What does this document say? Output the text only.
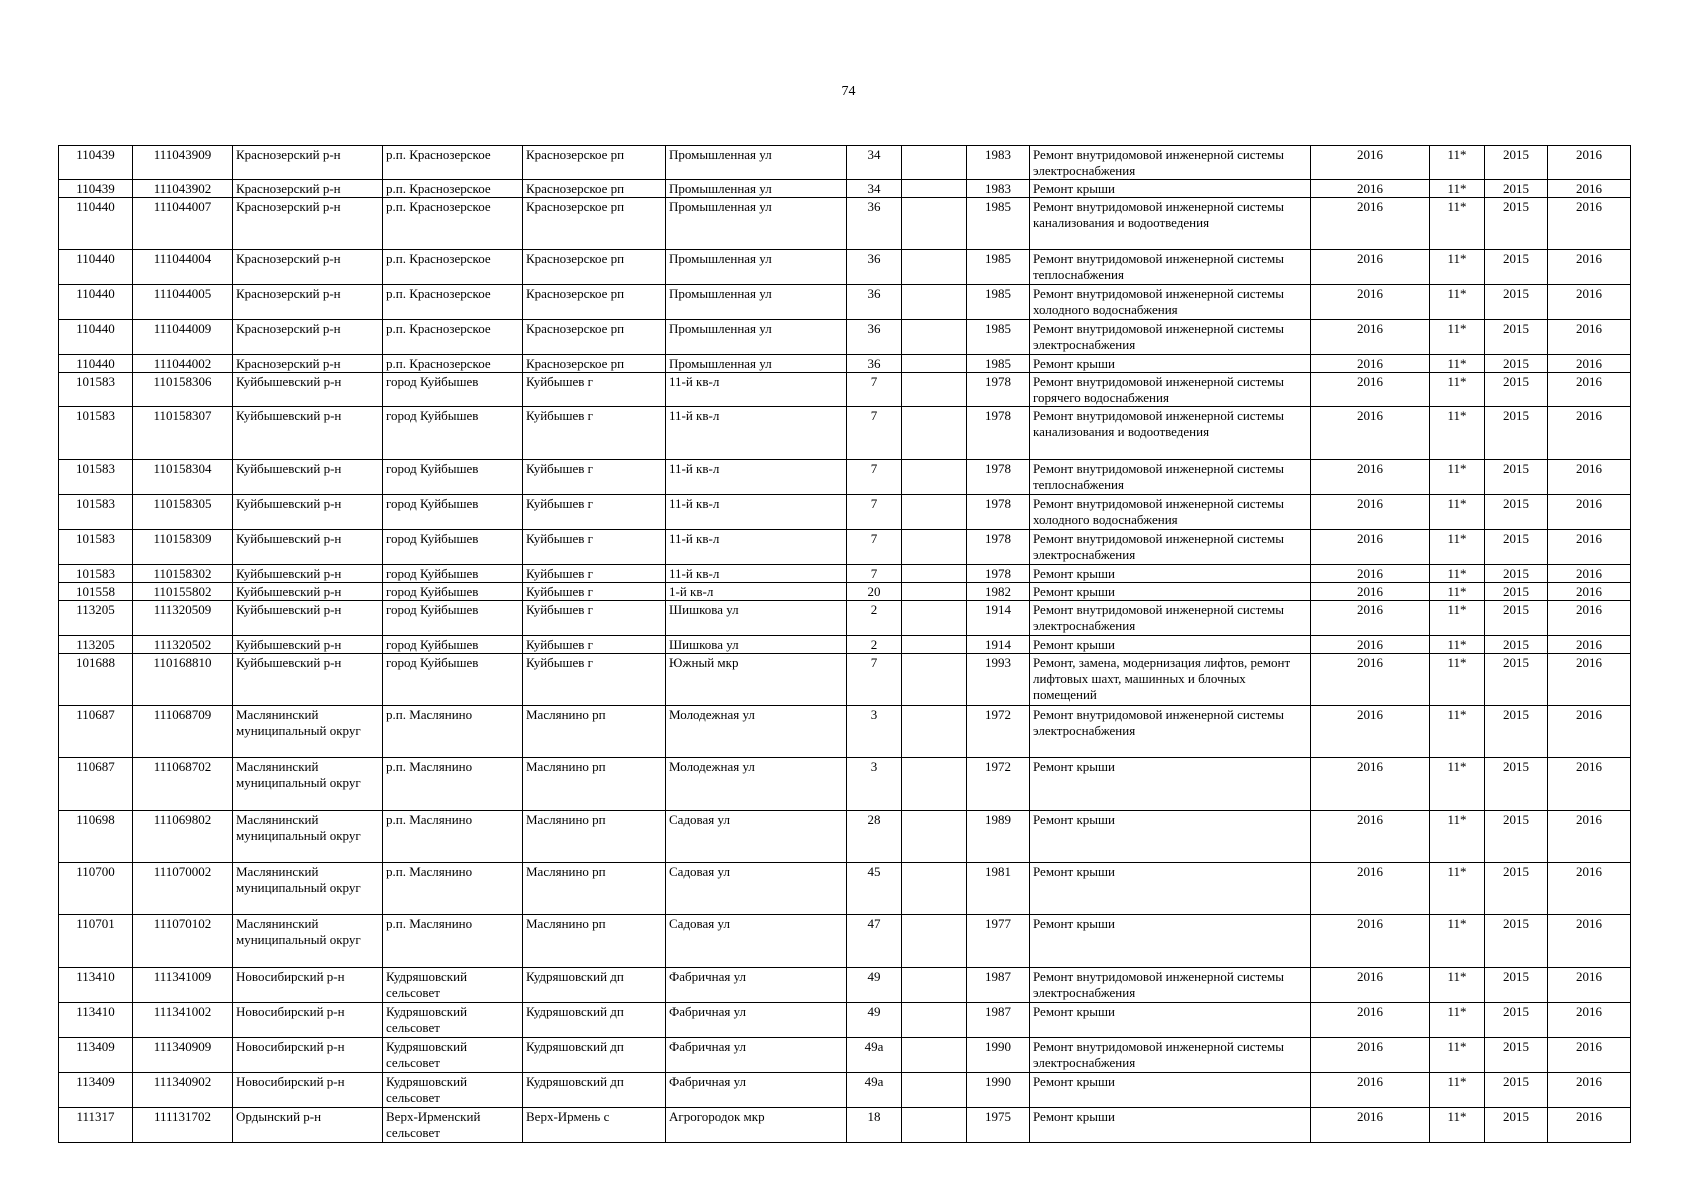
74
110439	111043909	Краснозерский р-н	р.п. Краснозерское	Краснозерское рп	Промышленная ул	34		1983	Ремонт внутридомовой инженерной системы электроснабжения	2016	11*	2015	2016
110439	111043902	Краснозерский р-н	р.п. Краснозерское	Краснозерское рп	Промышленная ул	34		1983	Ремонт крыши	2016	11*	2015	2016
110440	111044007	Краснозерский р-н	р.п. Краснозерское	Краснозерское рп	Промышленная ул	36		1985	Ремонт внутридомовой инженерной системы канализования и водоотведения	2016	11*	2015	2016
110440	111044004	Краснозерский р-н	р.п. Краснозерское	Краснозерское рп	Промышленная ул	36		1985	Ремонт внутридомовой инженерной системы теплоснабжения	2016	11*	2015	2016
110440	111044005	Краснозерский р-н	р.п. Краснозерское	Краснозерское рп	Промышленная ул	36		1985	Ремонт внутридомовой инженерной системы холодного водоснабжения	2016	11*	2015	2016
110440	111044009	Краснозерский р-н	р.п. Краснозерское	Краснозерское рп	Промышленная ул	36		1985	Ремонт внутридомовой инженерной системы электроснабжения	2016	11*	2015	2016
110440	111044002	Краснозерский р-н	р.п. Краснозерское	Краснозерское рп	Промышленная ул	36		1985	Ремонт крыши	2016	11*	2015	2016
101583	110158306	Куйбышевский р-н	город Куйбышев	Куйбышев г	11-й кв-л	7		1978	Ремонт внутридомовой инженерной системы горячего водоснабжения	2016	11*	2015	2016
101583	110158307	Куйбышевский р-н	город Куйбышев	Куйбышев г	11-й кв-л	7		1978	Ремонт внутридомовой инженерной системы канализования и водоотведения	2016	11*	2015	2016
101583	110158304	Куйбышевский р-н	город Куйбышев	Куйбышев г	11-й кв-л	7		1978	Ремонт внутридомовой инженерной системы теплоснабжения	2016	11*	2015	2016
101583	110158305	Куйбышевский р-н	город Куйбышев	Куйбышев г	11-й кв-л	7		1978	Ремонт внутридомовой инженерной системы холодного водоснабжения	2016	11*	2015	2016
101583	110158309	Куйбышевский р-н	город Куйбышев	Куйбышев г	11-й кв-л	7		1978	Ремонт внутридомовой инженерной системы электроснабжения	2016	11*	2015	2016
101583	110158302	Куйбышевский р-н	город Куйбышев	Куйбышев г	11-й кв-л	7		1978	Ремонт крыши	2016	11*	2015	2016
101558	110155802	Куйбышевский р-н	город Куйбышев	Куйбышев г	1-й кв-л	20		1982	Ремонт крыши	2016	11*	2015	2016
113205	111320509	Куйбышевский р-н	город Куйбышев	Куйбышев г	Шишкова ул	2		1914	Ремонт внутридомовой инженерной системы электроснабжения	2016	11*	2015	2016
113205	111320502	Куйбышевский р-н	город Куйбышев	Куйбышев г	Шишкова ул	2		1914	Ремонт крыши	2016	11*	2015	2016
101688	110168810	Куйбышевский р-н	город Куйбышев	Куйбышев г	Южный мкр	7		1993	Ремонт, замена, модернизация лифтов, ремонт лифтовых шахт, машинных и блочных помещений	2016	11*	2015	2016
110687	111068709	Маслянинский муниципальный округ	р.п. Маслянино	Маслянино рп	Молодежная ул	3		1972	Ремонт внутридомовой инженерной системы электроснабжения	2016	11*	2015	2016
110687	111068702	Маслянинский муниципальный округ	р.п. Маслянино	Маслянино рп	Молодежная ул	3		1972	Ремонт крыши	2016	11*	2015	2016
110698	111069802	Маслянинский муниципальный округ	р.п. Маслянино	Маслянино рп	Садовая ул	28		1989	Ремонт крыши	2016	11*	2015	2016
110700	111070002	Маслянинский муниципальный округ	р.п. Маслянино	Маслянино рп	Садовая ул	45		1981	Ремонт крыши	2016	11*	2015	2016
110701	111070102	Маслянинский муниципальный округ	р.п. Маслянино	Маслянино рп	Садовая ул	47		1977	Ремонт крыши	2016	11*	2015	2016
113410	111341009	Новосибирский р-н	Кудряшовский сельсовет	Кудряшовский дп	Фабричная ул	49		1987	Ремонт внутридомовой инженерной системы электроснабжения	2016	11*	2015	2016
113410	111341002	Новосибирский р-н	Кудряшовский сельсовет	Кудряшовский дп	Фабричная ул	49		1987	Ремонт крыши	2016	11*	2015	2016
113409	111340909	Новосибирский р-н	Кудряшовский сельсовет	Кудряшовский дп	Фабричная ул	49а		1990	Ремонт внутридомовой инженерной системы электроснабжения	2016	11*	2015	2016
113409	111340902	Новосибирский р-н	Кудряшовский сельсовет	Кудряшовский дп	Фабричная ул	49а		1990	Ремонт крыши	2016	11*	2015	2016
111317	111131702	Ордынский р-н	Верх-Ирменский сельсовет	Верх-Ирмень с	Агрогородок мкр	18		1975	Ремонт крыши	2016	11*	2015	2016
